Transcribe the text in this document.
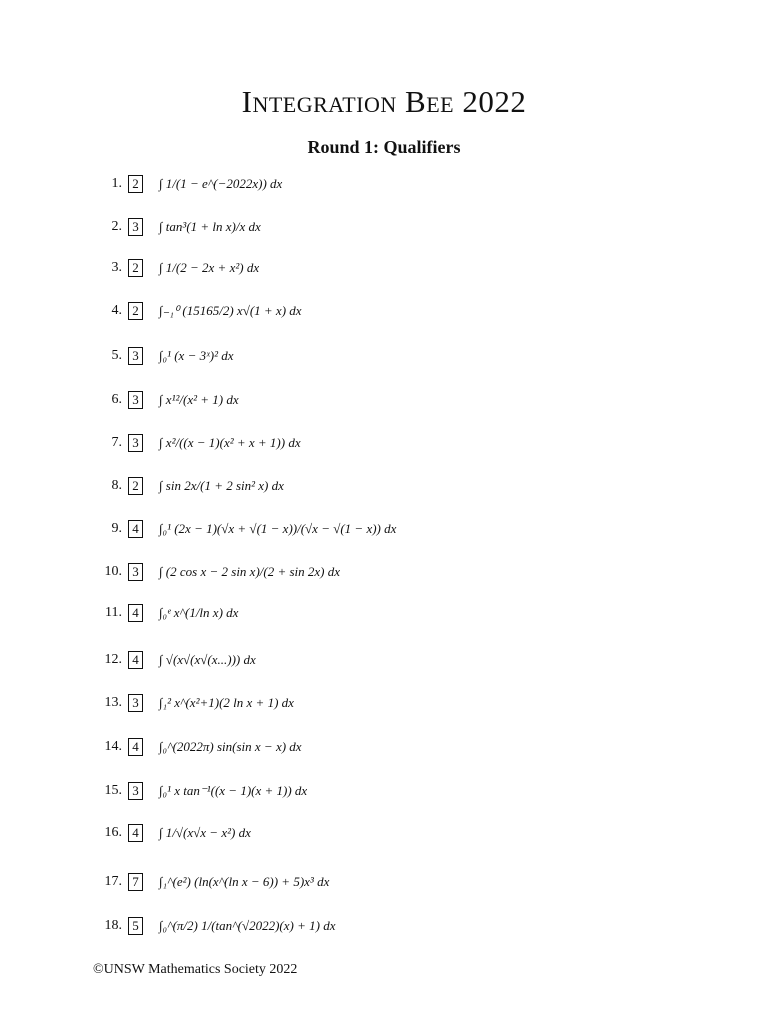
Integration Bee 2022
Round 1: Qualifiers
1. 2	∫ 1/(1 − e^(−2022x)) dx
2. 3	∫ tan³(1 + ln x)/x dx
3. 2	∫ 1/(2 − 2x + x²) dx
4. 2	∫₋₁⁰ (15165/2) x√(1 + x) dx
5. 3	∫₀¹ (x − 3ˣ)² dx
6. 3	∫ x¹²/(x² + 1) dx
7. 3	∫ x²/((x − 1)(x² + x + 1)) dx
8. 2	∫ sin 2x/(1 + 2 sin² x) dx
9. 4	∫₀¹ (2x − 1)(√x + √(1 − x))/(√x − √(1 − x)) dx
10. 3	∫ (2 cos x − 2 sin x)/(2 + sin 2x) dx
11. 4	∫₀ᵉ x^(1/ln x) dx
12. 4	∫ √(x√(x√(x...))) dx
13. 3	∫₁² x^(x²+1)(2 ln x + 1) dx
14. 4	∫₀^(2022π) sin(sin x − x) dx
15. 3	∫₀¹ x tan⁻¹((x − 1)(x + 1)) dx
16. 4	∫ 1/√(x√x − x²) dx
17. 7	∫₁^(e²) (ln(x^(ln x − 6)) + 5)x³ dx
18. 5	∫₀^(π/2) 1/(tan^(√2022)(x) + 1) dx
©UNSW Mathematics Society 2022
